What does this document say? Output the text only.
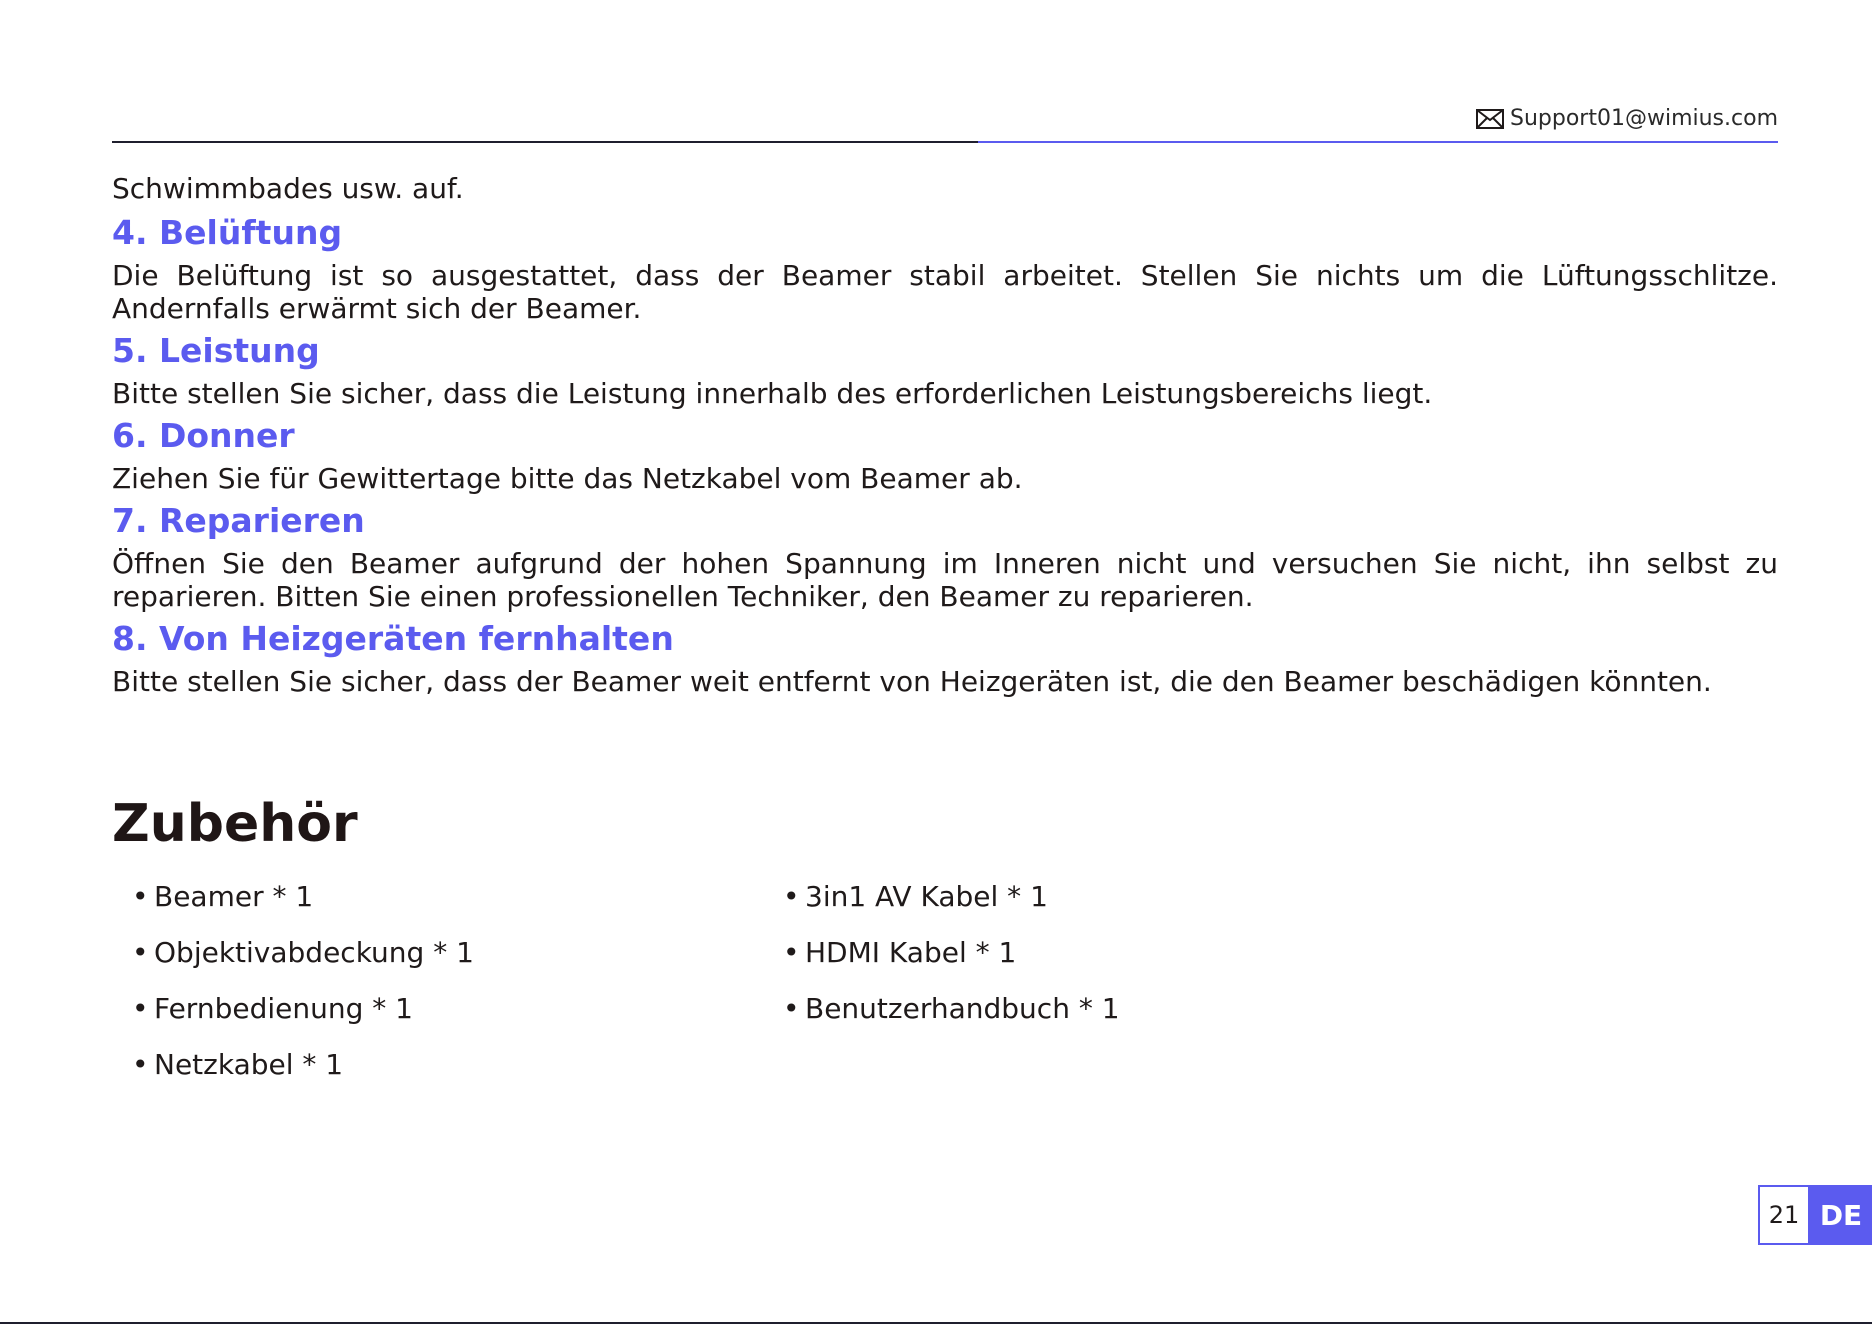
Support01@wimius.com

Schwimmbades usw. auf.

4. Belüftung

Die Belüftung ist so ausgestattet, dass der Beamer stabil arbeitet. Stellen Sie nichts um die Lüftungsschlitze. Andernfalls erwärmt sich der Beamer.

5. Leistung

Bitte stellen Sie sicher, dass die Leistung innerhalb des erforderlichen Leistungsbereichs liegt.

6. Donner

Ziehen Sie für Gewittertage bitte das Netzkabel vom Beamer ab.

7. Reparieren

Öffnen Sie den Beamer aufgrund der hohen Spannung im Inneren nicht und versuchen Sie nicht, ihn selbst zu reparieren. Bitten Sie einen professionellen Techniker, den Beamer zu reparieren.

8. Von Heizgeräten fernhalten

Bitte stellen Sie sicher, dass der Beamer weit entfernt von Heizgeräten ist, die den Beamer beschädigen könnten.

Zubehör
• Beamer * 1
• Objektivabdeckung * 1
• Fernbedienung * 1
• Netzkabel * 1
• 3in1 AV Kabel * 1
• HDMI Kabel * 1
• Benutzerhandbuch * 1
21 DE
